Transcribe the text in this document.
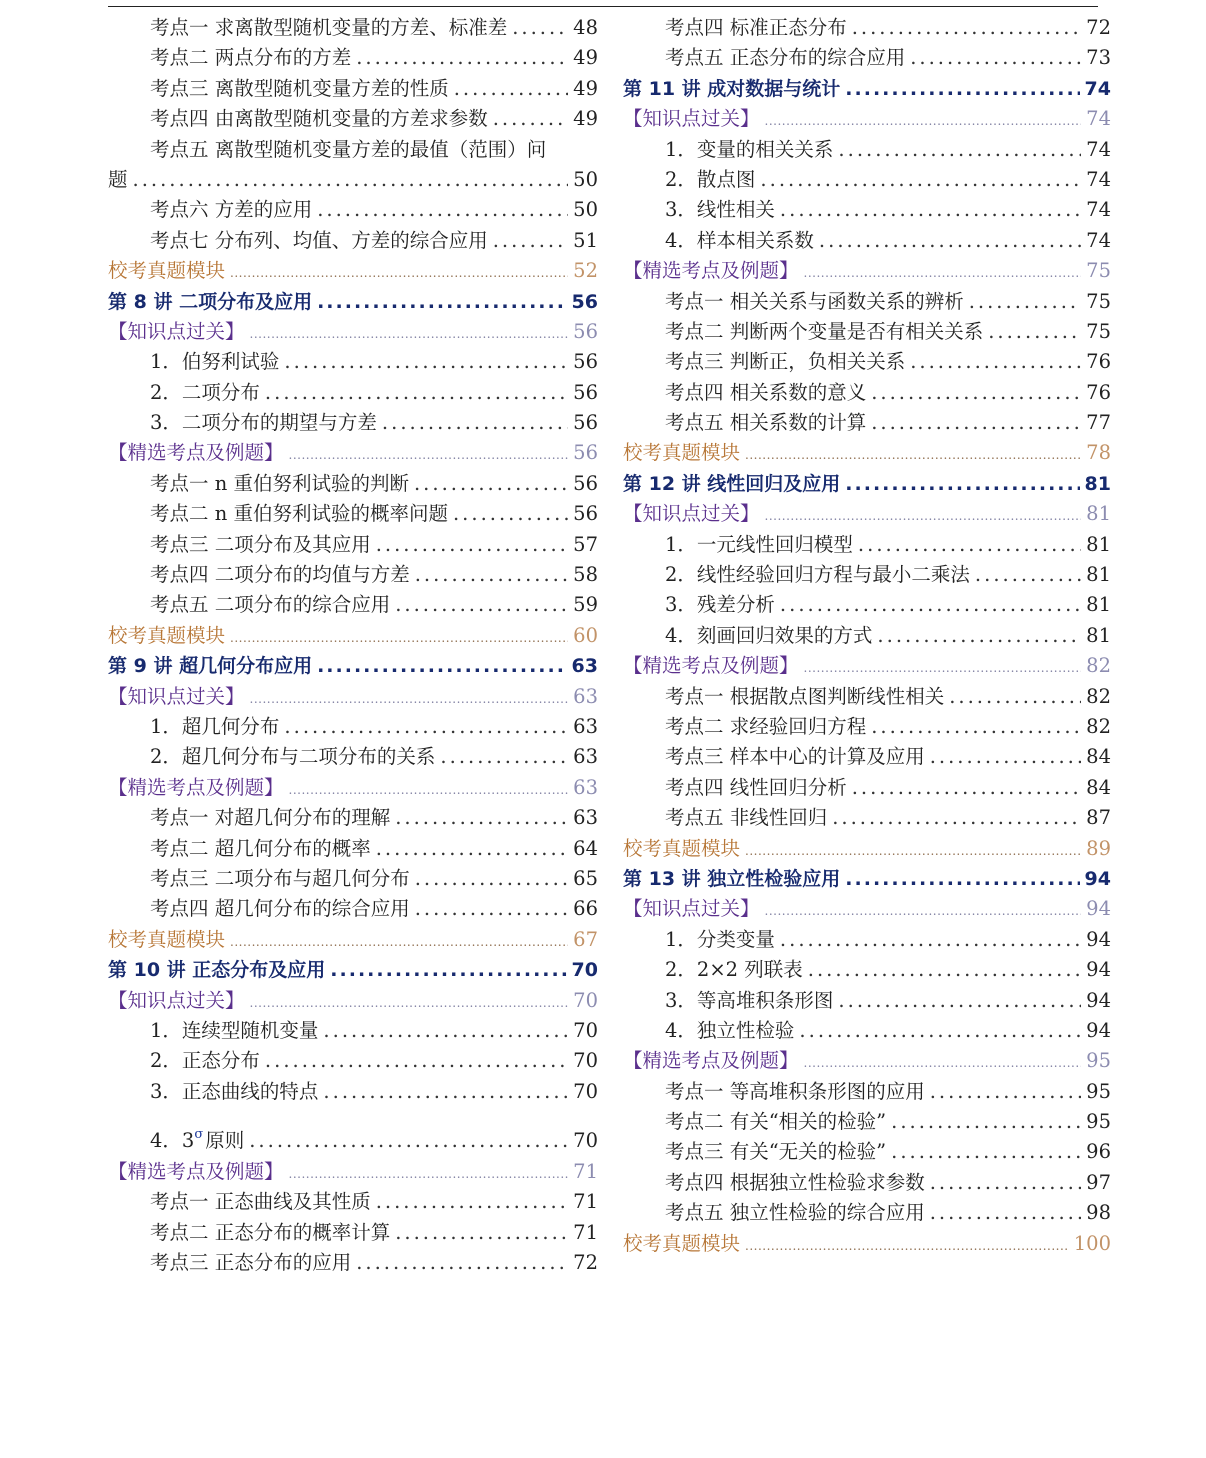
考点一 求离散型随机变量的方差、标准差 .....	48
考点二 两点分布的方差 .....	49
考点三 离散型随机变量方差的性质 .....	49
考点四 由离散型随机变量的方差求参数 .....	49
考点五 离散型随机变量方差的最值（范围）问
题 .....	50
考点六 方差的应用 .....	50
考点七 分布列、均值、方差的综合应用 .....	51
校考真题模块 .....	52
第 8 讲 二项分布及应用 .....	56
【知识点过关】 .....	56
1．伯努利试验 .....	56
2．二项分布 .....	56
3．二项分布的期望与方差 .....	56
【精选考点及例题】 .....	56
考点一 n 重伯努利试验的判断 .....	56
考点二 n 重伯努利试验的概率问题 .....	56
考点三 二项分布及其应用 .....	57
考点四 二项分布的均值与方差 .....	58
考点五 二项分布的综合应用 .....	59
校考真题模块 .....	60
第 9 讲 超几何分布应用 .....	63
【知识点过关】 .....	63
1．超几何分布 .....	63
2．超几何分布与二项分布的关系 .....	63
【精选考点及例题】 .....	63
考点一 对超几何分布的理解 .....	63
考点二 超几何分布的概率 .....	64
考点三 二项分布与超几何分布 .....	65
考点四 超几何分布的综合应用 .....	66
校考真题模块 .....	67
第 10 讲 正态分布及应用 .....	70
【知识点过关】 .....	70
1．连续型随机变量 .....	70
2．正态分布 .....	70
3．正态曲线的特点 .....	70
4．$3^\sigma$ 原则 .....	70
【精选考点及例题】 .....	71
考点一 正态曲线及其性质 .....	71
考点二 正态分布的概率计算 .....	71
考点三 正态分布的应用 .....	72
考点四 标准正态分布 .....	72
考点五 正态分布的综合应用 .....	73
第 11 讲 成对数据与统计 .....	74
【知识点过关】 .....	74
1．变量的相关关系 .....	74
2．散点图 .....	74
3．线性相关 .....	74
4．样本相关系数 .....	74
【精选考点及例题】 .....	75
考点一 相关关系与函数关系的辨析 .....	75
考点二 判断两个变量是否有相关关系 .....	75
考点三 判断正，负相关关系 .....	76
考点四 相关系数的意义 .....	76
考点五 相关系数的计算 .....	77
校考真题模块 .....	78
第 12 讲 线性回归及应用 .....	81
【知识点过关】 .....	81
1．一元线性回归模型 .....	81
2．线性经验回归方程与最小二乘法 .....	81
3．残差分析 .....	81
4．刻画回归效果的方式 .....	81
【精选考点及例题】 .....	82
考点一 根据散点图判断线性相关 .....	82
考点二 求经验回归方程 .....	82
考点三 样本中心的计算及应用 .....	84
考点四 线性回归分析 .....	84
考点五 非线性回归 .....	87
校考真题模块 .....	89
第 13 讲 独立性检验应用 .....	94
【知识点过关】 .....	94
1．分类变量 .....	94
2．2×2 列联表 .....	94
3．等高堆积条形图 .....	94
4．独立性检验 .....	94
【精选考点及例题】 .....	95
考点一 等高堆积条形图的应用 .....	95
考点二 有关“相关的检验” .....	95
考点三 有关“无关的检验” .....	96
考点四 根据独立性检验求参数 .....	97
考点五 独立性检验的综合应用 .....	98
校考真题模块 .....	100
